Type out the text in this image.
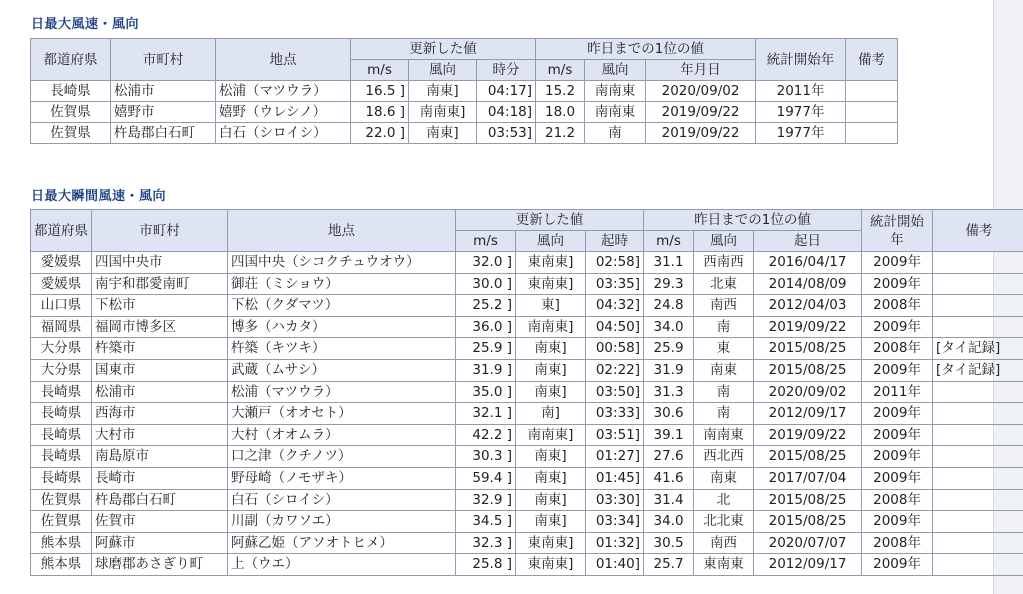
日最大風速・風向
都道府県	市町村	地点	更新した値			昨日までの1位の値			統計開始年	備考
			m/s	風向	時分	m/s	風向	年月日		
長崎県	松浦市	松浦（マツウラ）	16.5 ]	南東]	04:17]	15.2	南南東	2020/09/02	2011年	
佐賀県	嬉野市	嬉野（ウレシノ）	18.6 ]	南南東]	04:18]	18.0	南南東	2019/09/22	1977年	
佐賀県	杵島郡白石町	白石（シロイシ）	22.0 ]	南東]	03:53]	21.2	南	2019/09/22	1977年	
日最大瞬間風速・風向
都道府県	市町村	地点	更新した値			昨日までの1位の値			統計開始年	備考
			m/s	風向	起時	m/s	風向	起日		
愛媛県	四国中央市	四国中央（シコクチュウオウ）	32.0 ]	東南東]	02:58]	31.1	西南西	2016/04/17	2009年	
愛媛県	南宇和郡愛南町	御荘（ミショウ）	30.0 ]	東南東]	03:35]	29.3	北東	2014/08/09	2009年	
山口県	下松市	下松（クダマツ）	25.2 ]	東]	04:32]	24.8	南西	2012/04/03	2008年	
福岡県	福岡市博多区	博多（ハカタ）	36.0 ]	南南東]	04:50]	34.0	南	2019/09/22	2009年	
大分県	杵築市	杵築（キツキ）	25.9 ]	南東]	00:58]	25.9	東	2015/08/25	2008年	[タイ記録]
大分県	国東市	武蔵（ムサシ）	31.9 ]	南東]	02:22]	31.9	南東	2015/08/25	2009年	[タイ記録]
長崎県	松浦市	松浦（マツウラ）	35.0 ]	南東]	03:50]	31.3	南	2020/09/02	2011年	
長崎県	西海市	大瀬戸（オオセト）	32.1 ]	南]	03:33]	30.6	南	2012/09/17	2009年	
長崎県	大村市	大村（オオムラ）	42.2 ]	南南東]	03:51]	39.1	南南東	2019/09/22	2009年	
長崎県	南島原市	口之津（クチノツ）	30.3 ]	南東]	01:27]	27.6	西北西	2015/08/25	2009年	
長崎県	長崎市	野母崎（ノモザキ）	59.4 ]	南東]	01:45]	41.6	南東	2017/07/04	2009年	
佐賀県	杵島郡白石町	白石（シロイシ）	32.9 ]	南東]	03:30]	31.4	北	2015/08/25	2008年	
佐賀県	佐賀市	川副（カワソエ）	34.5 ]	南東]	03:34]	34.0	北北東	2015/08/25	2009年	
熊本県	阿蘇市	阿蘇乙姫（アソオトヒメ）	32.3 ]	東南東]	01:32]	30.5	南西	2020/07/07	2008年	
熊本県	球磨郡あさぎり町	上（ウエ）	25.8 ]	東南東]	01:40]	25.7	東南東	2012/09/17	2009年	
